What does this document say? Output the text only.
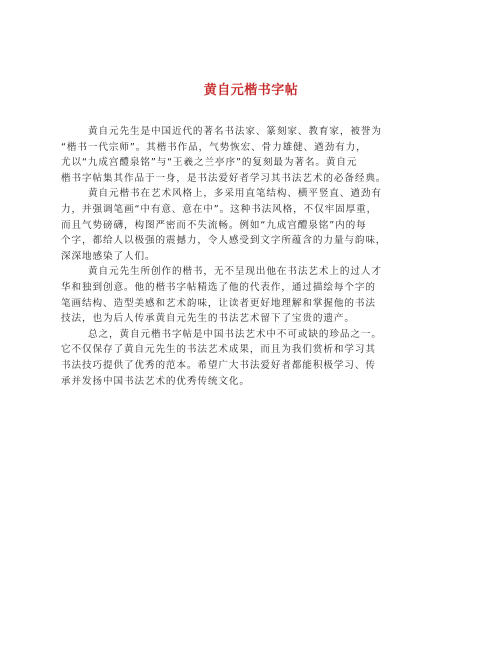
黄自元楷书字帖

黄自元先生是中国近代的著名书法家、篆刻家、教育家，被誉为
“楷书一代宗师”。其楷书作品，气势恢宏、骨力雄健、遒劲有力，
尤以“九成宫醴泉铭”与“王羲之兰亭序”的复刻最为著名。黄自元
楷书字帖集其作品于一身，是书法爱好者学习其书法艺术的必备经典。

黄自元楷书在艺术风格上，多采用直笔结构、横平竖直、遒劲有
力，并强调笔画“中有意、意在中”。这种书法风格，不仅牢固厚重，
而且气势磅礴，构图严密而不失流畅。例如“九成宫醴泉铭”内的每
个字，都给人以极强的震撼力，令人感受到文字所蕴含的力量与韵味，
深深地感染了人们。

黄自元先生所创作的楷书，无不呈现出他在书法艺术上的过人才
华和独到创意。他的楷书字帖精选了他的代表作，通过描绘每个字的
笔画结构、造型美感和艺术韵味，让读者更好地理解和掌握他的书法
技法，也为后人传承黄自元先生的书法艺术留下了宝贵的遗产。

总之，黄自元楷书字帖是中国书法艺术中不可或缺的珍品之一。
它不仅保存了黄自元先生的书法艺术成果，而且为我们赏析和学习其
书法技巧提供了优秀的范本。希望广大书法爱好者都能积极学习、传
承并发扬中国书法艺术的优秀传统文化。
